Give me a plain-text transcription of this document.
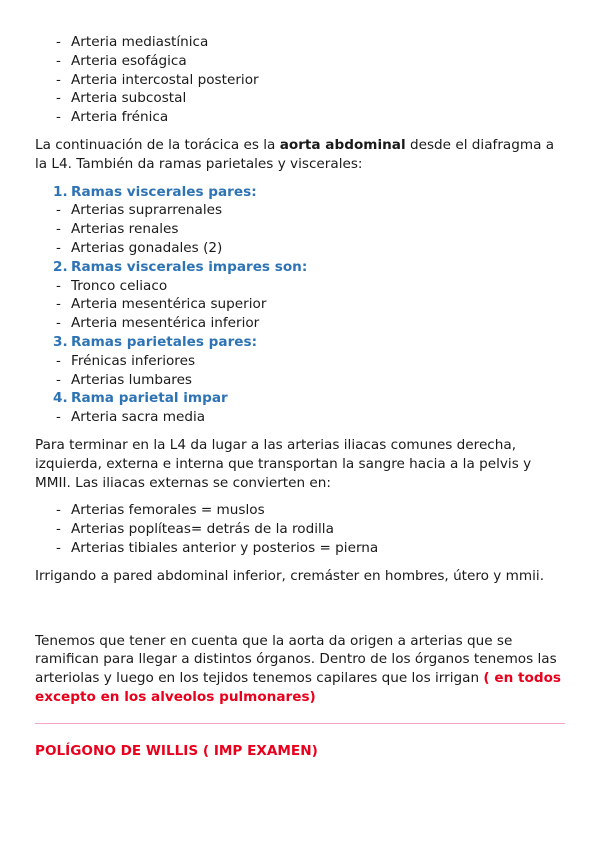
- Arteria mediastínica
- Arteria esofágica
- Arteria intercostal posterior
- Arteria subcostal
- Arteria frénica

La continuación de la torácica es la aorta abdominal desde el diafragma a la L4. También da ramas parietales y viscerales:

1. Ramas viscerales pares:
- Arterias suprarrenales
- Arterias renales
- Arterias gonadales (2)
2. Ramas viscerales impares son:
- Tronco celiaco
- Arteria mesentérica superior
- Arteria mesentérica inferior
3. Ramas parietales pares:
- Frénicas inferiores
- Arterias lumbares
4. Rama parietal impar
- Arteria sacra media

Para terminar en la L4 da lugar a las arterias iliacas comunes derecha, izquierda, externa e interna que transportan la sangre hacia a la pelvis y MMII. Las iliacas externas se convierten en:

- Arterias femorales = muslos
- Arterias poplíteas= detrás de la rodilla
- Arterias tibiales anterior y posterios = pierna

Irrigando a pared abdominal inferior, cremáster en hombres, útero y mmii.

Tenemos que tener en cuenta que la aorta da origen a arterias que se ramifican para llegar a distintos órganos. Dentro de los órganos tenemos las arteriolas y luego en los tejidos tenemos capilares que los irrigan ( en todos excepto en los alveolos pulmonares)

POLÍGONO DE WILLIS ( IMP EXAMEN)
